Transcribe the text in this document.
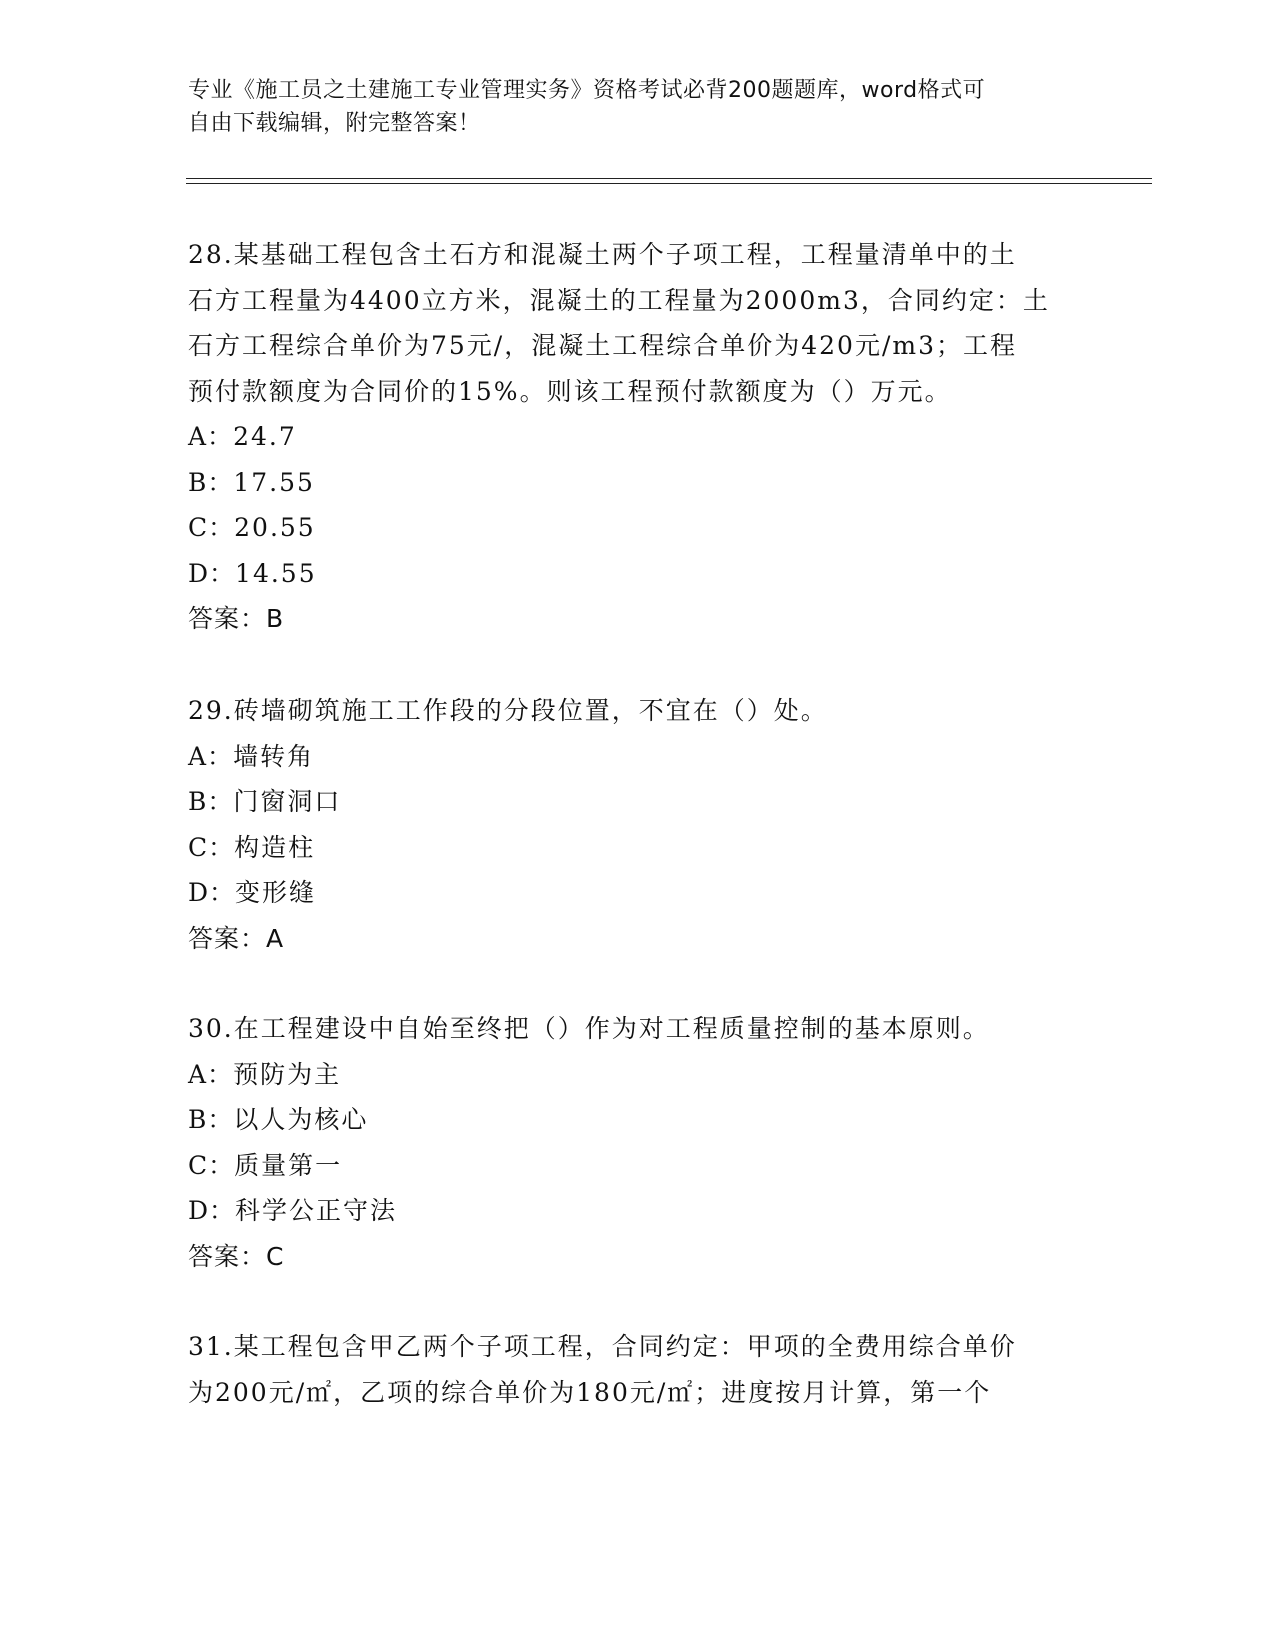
专业《施工员之土建施工专业管理实务》资格考试必背200题题库，word格式可
自由下载编辑，附完整答案！

28.某基础工程包含土石方和混凝土两个子项工程，工程量清单中的土

石方工程量为4400立方米，混凝土的工程量为2000m3，合同约定：土

石方工程综合单价为75元/，混凝土工程综合单价为420元/m3；工程

预付款额度为合同价的15%。则该工程预付款额度为（）万元。

A：24.7

B：17.55

C：20.55

D：14.55

答案：B

29.砖墙砌筑施工工作段的分段位置，不宜在（）处。

A：墙转角

B：门窗洞口

C：构造柱

D：变形缝

答案：A

30.在工程建设中自始至终把（）作为对工程质量控制的基本原则。

A：预防为主

B：以人为核心

C：质量第一

D：科学公正守法

答案：C

31.某工程包含甲乙两个子项工程，合同约定：甲项的全费用综合单价

为200元/㎡，乙项的综合单价为180元/㎡；进度按月计算，第一个
